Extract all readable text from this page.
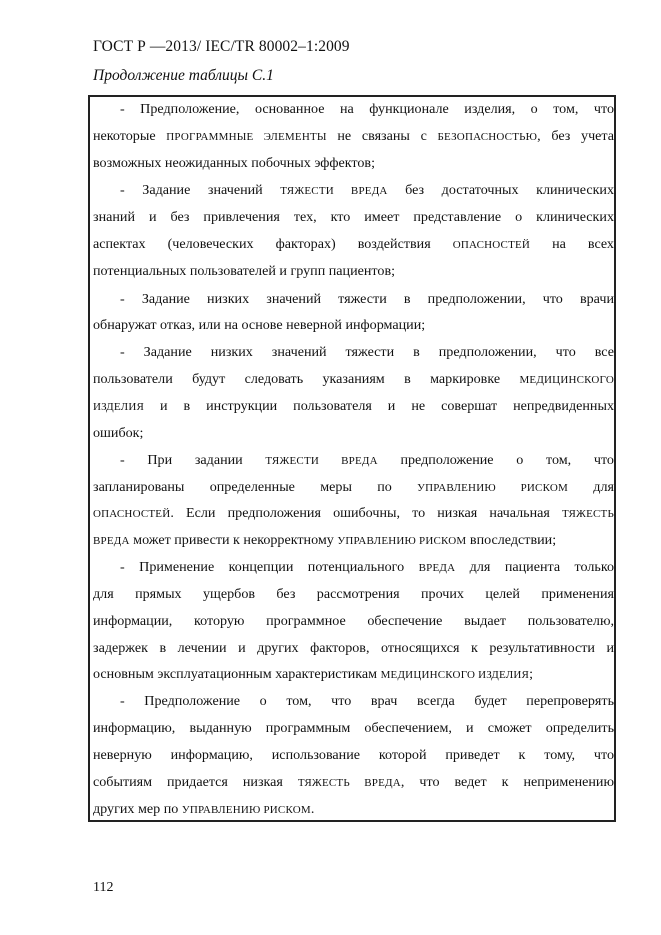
ГОСТ Р —2013/ IEC/TR 80002–1:2009
Продолжение таблицы С.1
- Предположение, основанное на функционале изделия, о том, что
некоторые ПРОГРАММНЫЕ ЭЛЕМЕНТЫ не связаны с БЕЗОПАСНОСТЬЮ, без учета
возможных неожиданных побочных эффектов;
- Задание значений ТЯЖЕСТИ ВРЕДА без достаточных клинических
знаний и без привлечения тех, кто имеет представление о клинических
аспектах (человеческих факторах) воздействия ОПАСНОСТЕЙ на всех
потенциальных пользователей и групп пациентов;
- Задание низких значений тяжести в предположении, что врачи
обнаружат отказ, или на основе неверной информации;
- Задание низких значений тяжести в предположении, что все
пользователи будут следовать указаниям в маркировке МЕДИЦИНСКОГО
ИЗДЕЛИЯ и в инструкции пользователя и не совершат непредвиденных
ошибок;
- При задании ТЯЖЕСТИ ВРЕДА предположение о том, что
запланированы определенные меры по УПРАВЛЕНИЮ РИСКОМ для
ОПАСНОСТЕЙ. Если предположения ошибочны, то низкая начальная ТЯЖЕСТЬ
ВРЕДА может привести к некорректному УПРАВЛЕНИЮ РИСКОМ впоследствии;
- Применение концепции потенциального ВРЕДА для пациента только
для прямых ущербов без рассмотрения прочих целей применения
информации, которую программное обеспечение выдает пользователю,
задержек в лечении и других факторов, относящихся к результативности и
основным эксплуатационным характеристикам МЕДИЦИНСКОГО ИЗДЕЛИЯ;
- Предположение о том, что врач всегда будет перепроверять
информацию, выданную программным обеспечением, и сможет определить
неверную информацию, использование которой приведет к тому, что
событиям придается низкая ТЯЖЕСТЬ ВРЕДА, что ведет к неприменению
других мер по УПРАВЛЕНИЮ РИСКОМ.
112
